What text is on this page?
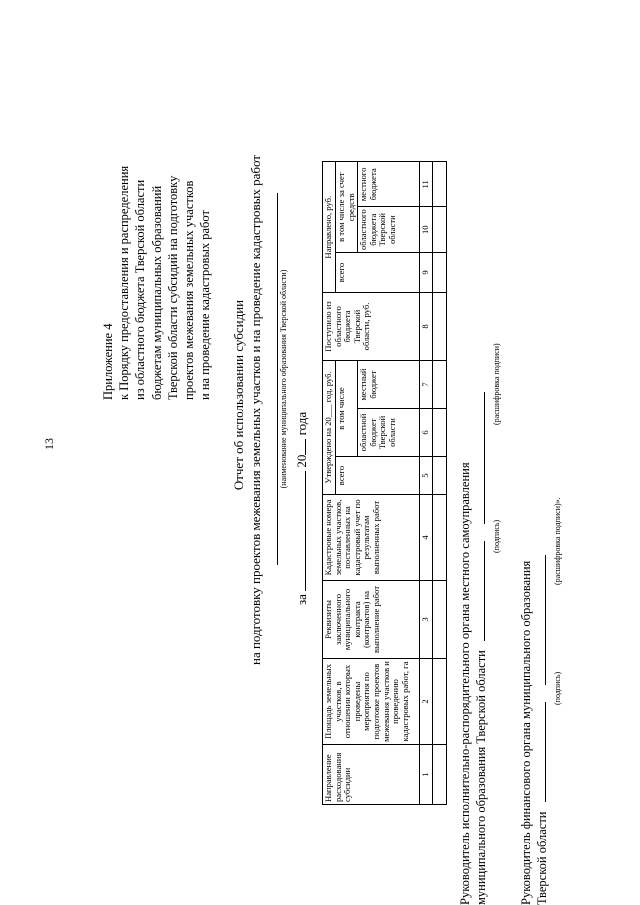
13
Приложение 4 к Порядку предоставления и распределения из областного бюджета Тверской области бюджетам муниципальных образований Тверской области субсидий на подготовку проектов межевания земельных участков и на проведение кадастровых работ Отчет об использовании субсидии на подготовку проектов межевания земельных участков и на проведение кадастровых работ (наименование муниципального образования Тверской области)
за  20 года
Направление расходования субсидии	Площадь земельных участков, в отношении которых проведены мероприятия по подготовке проектов межевания участков и проведению кадастровых работ, га	Реквизиты заключенного муниципального контракта (контрактов) на выполнение работ	Кадастровые номера земельных участков, поставленных на кадастровый учет по результатам выполненных работ	Утверждено на 20___ год, руб.			Поступило из областного бюджета Тверской области, руб.	Направлено, руб.		
				всего	в том числе			всего	в том числе за счет средств	
					областной бюджет Тверской области	местный бюджет			областного бюджета Тверской области	местного бюджета
1	2	3	4	5	6	7	8	9	10	11

Руководитель исполнительно-распорядительного органа местного самоуправления муниципального образования Тверской области
(подпись)
(расшифровка подписи)
Руководитель финансового органа муниципального образования Тверской области
(подпись)
(расшифровка подписи)».
